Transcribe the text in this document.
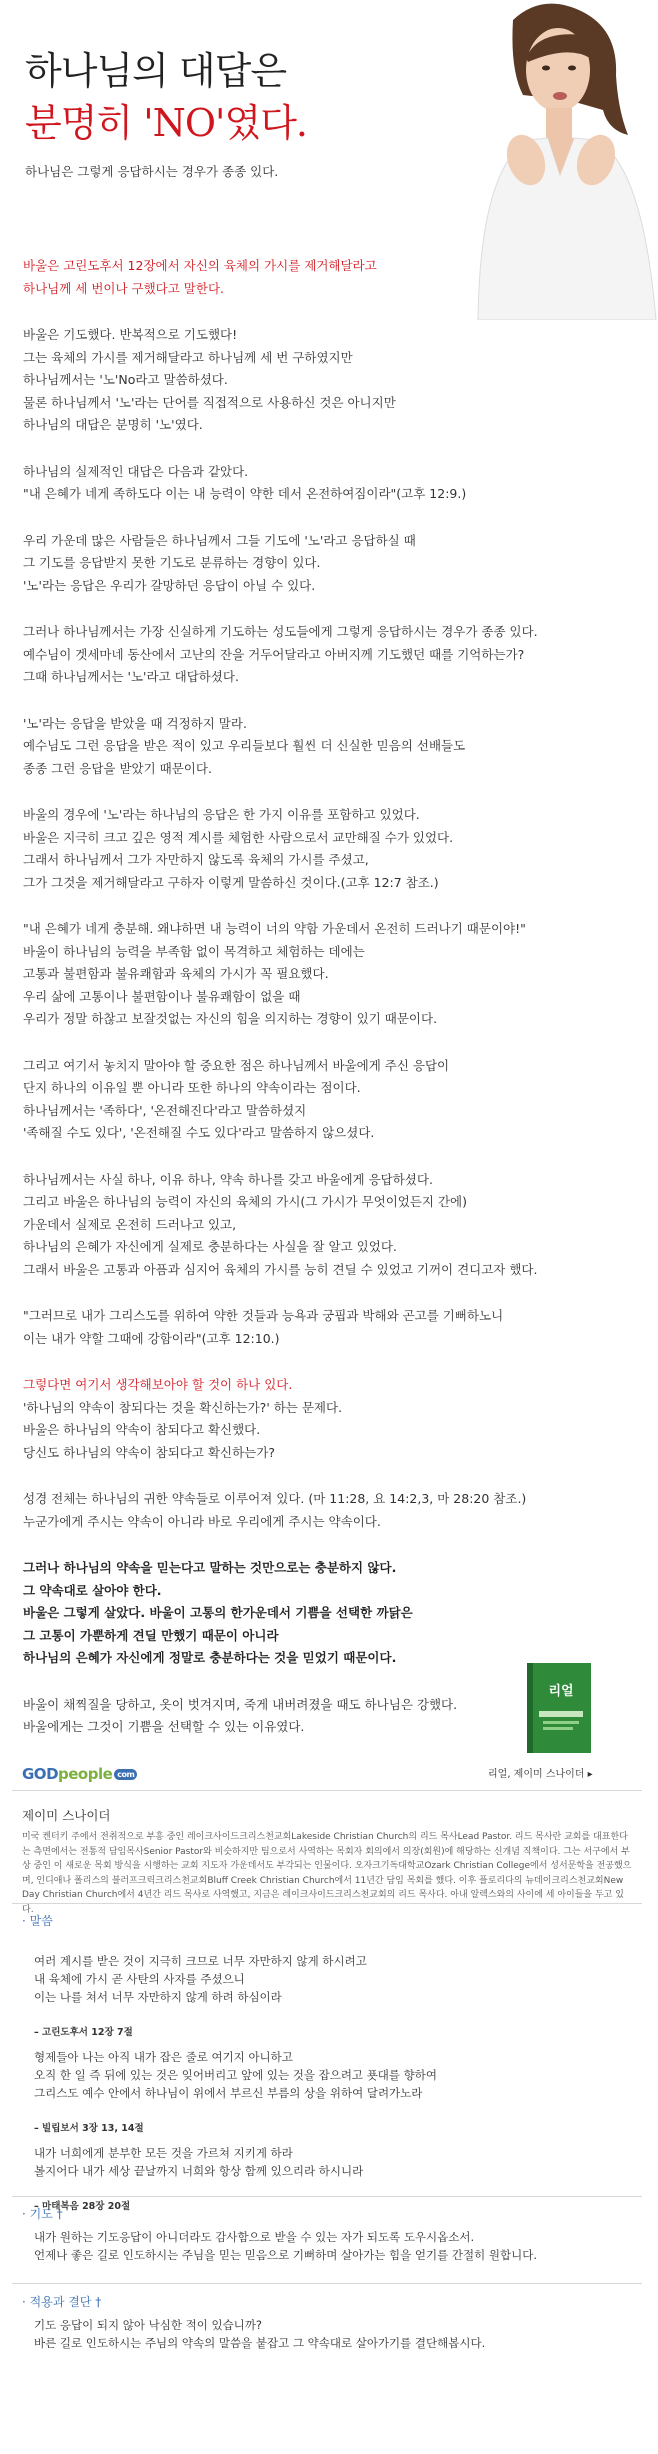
하나님의 대답은
분명히 'NO'였다.
하나님은 그렇게 응답하시는 경우가 종종 있다.
바울은 고린도후서 12장에서 자신의 육체의 가시를 제거해달라고
하나님께 세 번이나 구했다고 말한다.
바울은 기도했다. 반복적으로 기도했다!
그는 육체의 가시를 제거해달라고 하나님께 세 번 구하였지만
하나님께서는 '노'No라고 말씀하셨다.
물론 하나님께서 '노'라는 단어를 직접적으로 사용하신 것은 아니지만
하나님의 대답은 분명히 '노'였다.
하나님의 실제적인 대답은 다음과 같았다.
"내 은혜가 네게 족하도다 이는 내 능력이 약한 데서 온전하여짐이라"(고후 12:9.)
우리 가운데 많은 사람들은 하나님께서 그들 기도에 '노'라고 응답하실 때
그 기도를 응답받지 못한 기도로 분류하는 경향이 있다.
'노'라는 응답은 우리가 갈망하던 응답이 아닐 수 있다.
그러나 하나님께서는 가장 신실하게 기도하는 성도들에게 그렇게 응답하시는 경우가 종종 있다.
예수님이 겟세마네 동산에서 고난의 잔을 거두어달라고 아버지께 기도했던 때를 기억하는가?
그때 하나님께서는 '노'라고 대답하셨다.
'노'라는 응답을 받았을 때 걱정하지 말라.
예수님도 그런 응답을 받은 적이 있고 우리들보다 훨씬 더 신실한 믿음의 선배들도
종종 그런 응답을 받았기 때문이다.
바울의 경우에 '노'라는 하나님의 응답은 한 가지 이유를 포함하고 있었다.
바울은 지극히 크고 깊은 영적 계시를 체험한 사람으로서 교만해질 수가 있었다.
그래서 하나님께서 그가 자만하지 않도록 육체의 가시를 주셨고,
그가 그것을 제거해달라고 구하자 이렇게 말씀하신 것이다.(고후 12:7 참조.)
"내 은혜가 네게 충분해. 왜냐하면 내 능력이 너의 약함 가운데서 온전히 드러나기 때문이야!"
바울이 하나님의 능력을 부족함 없이 목격하고 체험하는 데에는
고통과 불편함과 불유쾌함과 육체의 가시가 꼭 필요했다.
우리 삶에 고통이나 불편함이나 불유쾌함이 없을 때
우리가 정말 하찮고 보잘것없는 자신의 힘을 의지하는 경향이 있기 때문이다.
그리고 여기서 놓치지 말아야 할 중요한 점은 하나님께서 바울에게 주신 응답이
단지 하나의 이유일 뿐 아니라 또한 하나의 약속이라는 점이다.
하나님께서는 '족하다', '온전해진다'라고 말씀하셨지
'족해질 수도 있다', '온전해질 수도 있다'라고 말씀하지 않으셨다.
하나님께서는 사실 하나, 이유 하나, 약속 하나를 갖고 바울에게 응답하셨다.
그리고 바울은 하나님의 능력이 자신의 육체의 가시(그 가시가 무엇이었든지 간에)
가운데서 실제로 온전히 드러나고 있고,
하나님의 은혜가 자신에게 실제로 충분하다는 사실을 잘 알고 있었다.
그래서 바울은 고통과 아픔과 심지어 육체의 가시를 능히 견딜 수 있었고 기꺼이 견디고자 했다.
"그러므로 내가 그리스도를 위하여 약한 것들과 능욕과 궁핍과 박해와 곤고를 기뻐하노니
이는 내가 약할 그때에 강함이라"(고후 12:10.)
그렇다면 여기서 생각해보아야 할 것이 하나 있다.
'하나님의 약속이 참되다는 것을 확신하는가?' 하는 문제다.
바울은 하나님의 약속이 참되다고 확신했다.
당신도 하나님의 약속이 참되다고 확신하는가?
성경 전체는 하나님의 귀한 약속들로 이루어져 있다. (마 11:28, 요 14:2,3, 마 28:20 참조.)
누군가에게 주시는 약속이 아니라 바로 우리에게 주시는 약속이다.
그러나 하나님의 약속을 믿는다고 말하는 것만으로는 충분하지 않다.
그 약속대로 살아야 한다.
바울은 그렇게 살았다. 바울이 고통의 한가운데서 기쁨을 선택한 까닭은
그 고통이 가뿐하게 견딜 만했기 때문이 아니라
하나님의 은혜가 자신에게 정말로 충분하다는 것을 믿었기 때문이다.
바울이 채찍질을 당하고, 옷이 벗겨지며, 죽게 내버려졌을 때도 하나님은 강했다.
바울에게는 그것이 기쁨을 선택할 수 있는 이유였다.
리얼
리얼, 제이미 스나이더 ▸
GODpeople com
제이미 스나이더
미국 켄터키 주에서 전취적으로 부흥 중인 레이크사이드크리스천교회Lakeside Christian Church의 리드 목사Lead Pastor. 리드 목사란 교회를 대표한다는 측면에서는 전통적 담임목사Senior Pastor와 비슷하지만 팀으로서 사역하는 목회자 회의에서 의장(회원)에 해당하는 신개념 직책이다. 그는 서구에서 부상 중인 이 새로운 목회 방식을 시행하는 교회 지도자 가운데서도 부각되는 인물이다. 오자크기독대학교Ozark Christian College에서 성서문학을 전공했으며, 인디애나 폴리스의 블러프크릭크리스천교회Bluff Creek Christian Church에서 11년간 담임 목회를 했다. 이후 플로리다의 뉴데이크리스천교회New Day Christian Church에서 4년간 리드 목사로 사역했고, 지금은 레이크사이드크리스천교회의 리드 목사다. 아내 알렉스와의 사이에 세 아이들을 두고 있다.
· 말씀

여러 계시를 받은 것이 지극히 크므로 너무 자만하지 않게 하시려고
내 육체에 가시 곧 사탄의 사자를 주셨으니
이는 나를 쳐서 너무 자만하지 않게 하려 하심이라

– 고린도후서 12장 7절

형제들아 나는 아직 내가 잡은 줄로 여기지 아니하고
오직 한 일 즉 뒤에 있는 것은 잊어버리고 앞에 있는 것을 잡으려고 푯대를 향하여
그리스도 예수 안에서 하나님이 위에서 부르신 부름의 상을 위하여 달려가노라

– 빌립보서 3장 13, 14절

내가 너희에게 분부한 모든 것을 가르쳐 지키게 하라
볼지어다 내가 세상 끝날까지 너희와 항상 함께 있으리라 하시니라

– 마태복음 28장 20절

· 기도 †
내가 원하는 기도응답이 아니더라도 감사함으로 받을 수 있는 자가 되도록 도우시옵소서.
언제나 좋은 길로 인도하시는 주님을 믿는 믿음으로 기뻐하며 살아가는 힘을 얻기를 간절히 원합니다.
· 적용과 결단 †
기도 응답이 되지 않아 낙심한 적이 있습니까?
바른 길로 인도하시는 주님의 약속의 말씀을 붙잡고 그 약속대로 살아가기를 결단해봅시다.
